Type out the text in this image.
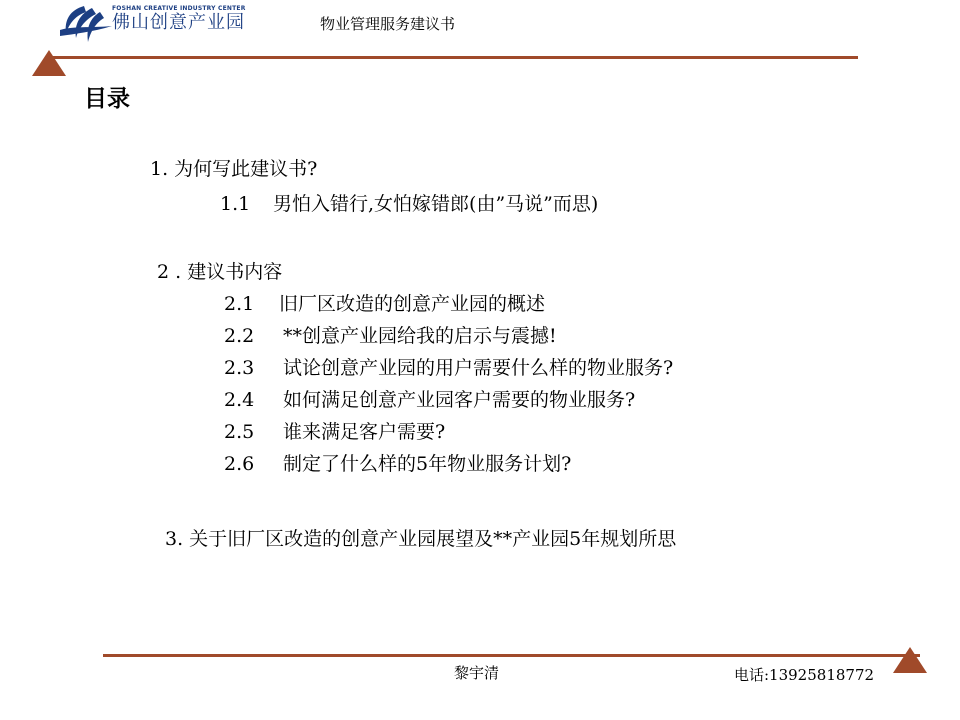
FOSHAN CREATIVE INDUSTRY CENTER
佛山创意产业园	物业管理服务建议书
目录
1. 为何写此建议书?
1.1 男怕入错行,女怕嫁错郎(由”马说”而思)
2 . 建议书内容
2.1 旧厂区改造的创意产业园的概述
2.2 **创意产业园给我的启示与震撼!
2.3 试论创意产业园的用户需要什么样的物业服务?
2.4 如何满足创意产业园客户需要的物业服务?
2.5 谁来满足客户需要?
2.6 制定了什么样的5年物业服务计划?
3. 关于旧厂区改造的创意产业园展望及**产业园5年规划所思
黎宇清	电话:13925818772
